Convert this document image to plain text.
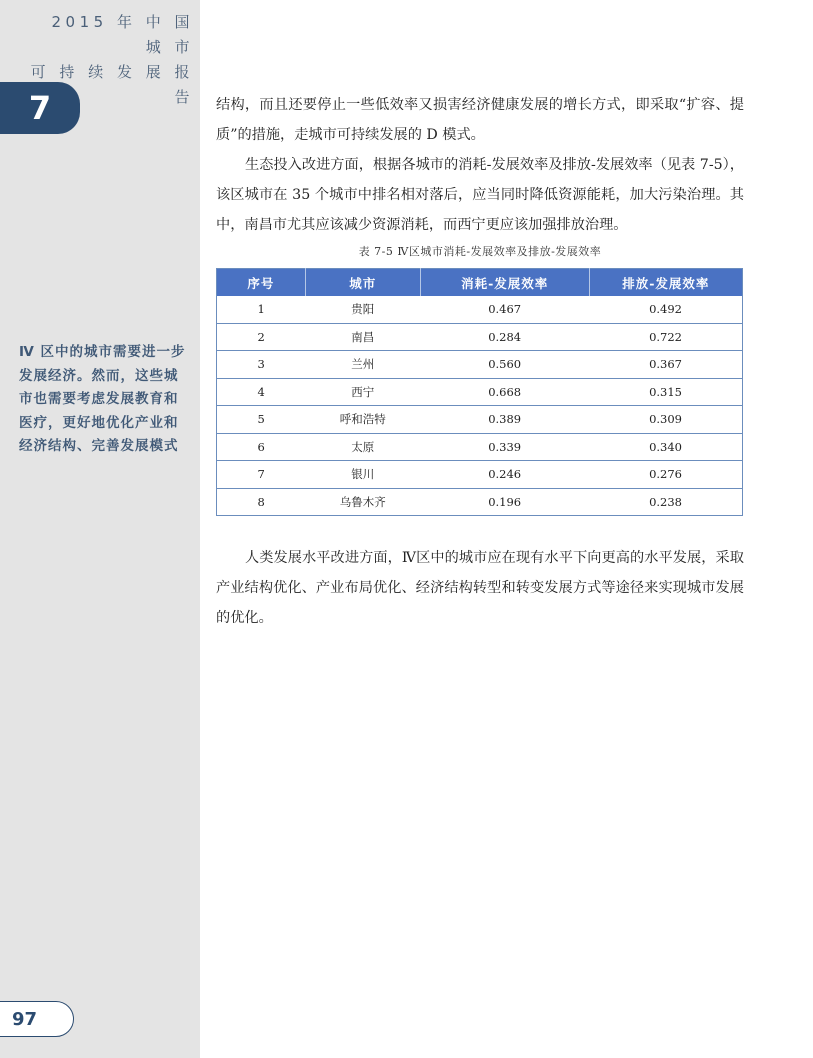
2015 年 中 国 城 市
可 持 续 发 展 报 告
7
Ⅳ 区中的城市需要进一步
发展经济。然而，这些城
市也需要考虑发展教育和
医疗，更好地优化产业和
经济结构、完善发展模式
97

结构，而且还要停止一些低效率又损害经济健康发展的增长方式，即采取“扩容、提质”的措施，走城市可持续发展的 D 模式。

生态投入改进方面，根据各城市的消耗-发展效率及排放-发展效率（见表 7-5），该区城市在 35 个城市中排名相对落后，应当同时降低资源能耗，加大污染治理。其中，南昌市尤其应该减少资源消耗，而西宁更应该加强排放治理。

表 7-5 Ⅳ区城市消耗-发展效率及排放-发展效率
序号	城市	消耗-发展效率	排放-发展效率
1	贵阳	0.467	0.492
2	南昌	0.284	0.722
3	兰州	0.560	0.367
4	西宁	0.668	0.315
5	呼和浩特	0.389	0.309
6	太原	0.339	0.340
7	银川	0.246	0.276
8	乌鲁木齐	0.196	0.238

人类发展水平改进方面，Ⅳ区中的城市应在现有水平下向更高的水平发展，采取产业结构优化、产业布局优化、经济结构转型和转变发展方式等途径来实现城市发展的优化。
